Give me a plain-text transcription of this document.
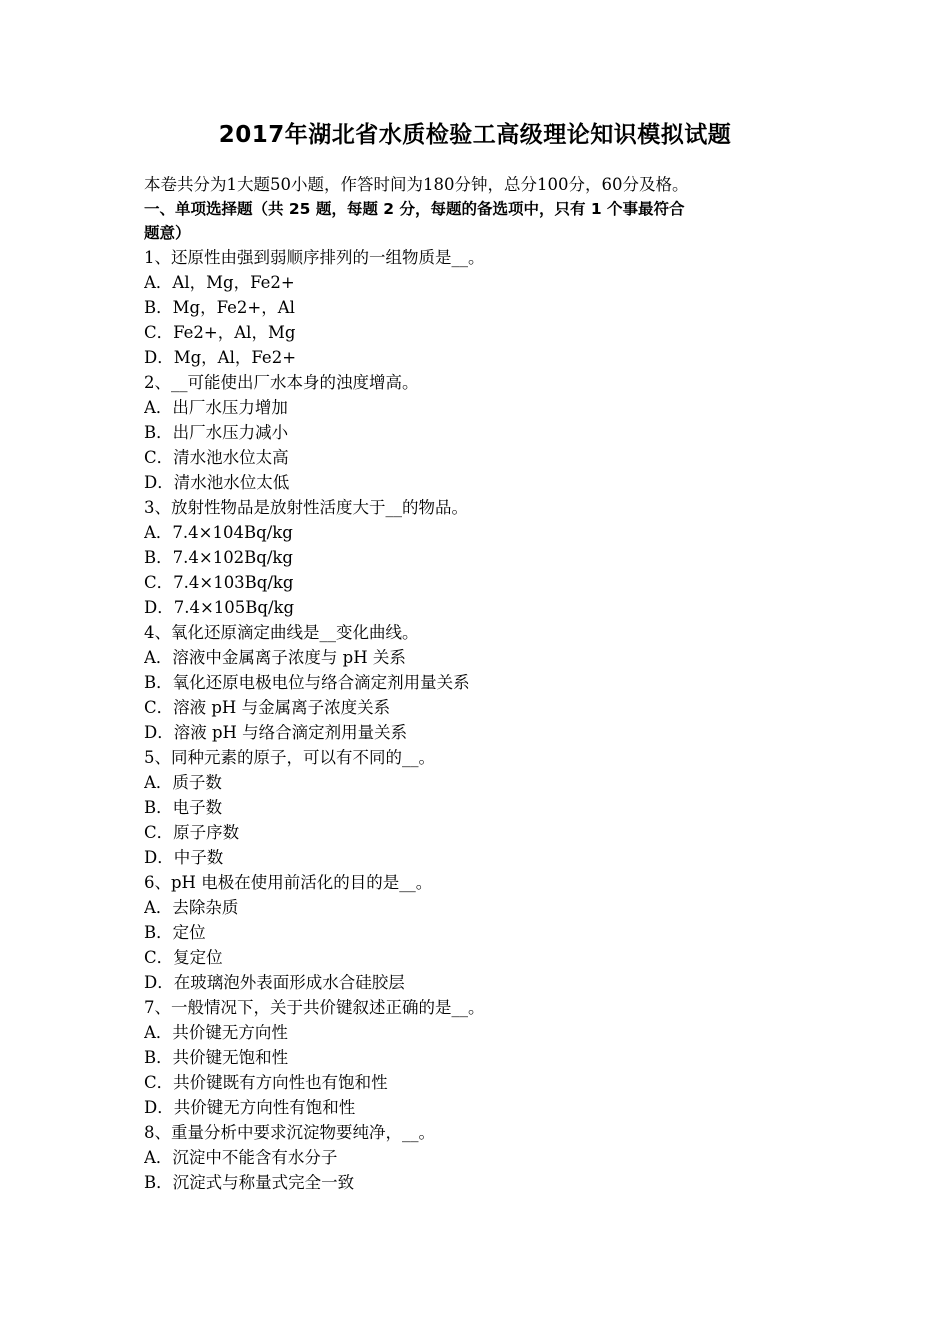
2017年湖北省水质检验工高级理论知识模拟试题
本卷共分为1大题50小题，作答时间为180分钟，总分100分，60分及格。
一、单项选择题（共 25 题，每题 2 分，每题的备选项中，只有 1 个事最符合
题意）
1、还原性由强到弱顺序排列的一组物质是__。
A．Al，Mg，Fe2+
B．Mg，Fe2+，Al
C．Fe2+，Al，Mg
D．Mg，Al，Fe2+
2、__可能使出厂水本身的浊度增高。
A．出厂水压力增加
B．出厂水压力减小
C．清水池水位太高
D．清水池水位太低
3、放射性物品是放射性活度大于__的物品。
A．7.4×104Bq/kg
B．7.4×102Bq/kg
C．7.4×103Bq/kg
D．7.4×105Bq/kg
4、氧化还原滴定曲线是__变化曲线。
A．溶液中金属离子浓度与 pH 关系
B．氧化还原电极电位与络合滴定剂用量关系
C．溶液 pH 与金属离子浓度关系
D．溶液 pH 与络合滴定剂用量关系
5、同种元素的原子，可以有不同的__。
A．质子数
B．电子数
C．原子序数
D．中子数
6、pH 电极在使用前活化的目的是__。
A．去除杂质
B．定位
C．复定位
D．在玻璃泡外表面形成水合硅胶层
7、一般情况下，关于共价键叙述正确的是__。
A．共价键无方向性
B．共价键无饱和性
C．共价键既有方向性也有饱和性
D．共价键无方向性有饱和性
8、重量分析中要求沉淀物要纯净，__。
A．沉淀中不能含有水分子
B．沉淀式与称量式完全一致
